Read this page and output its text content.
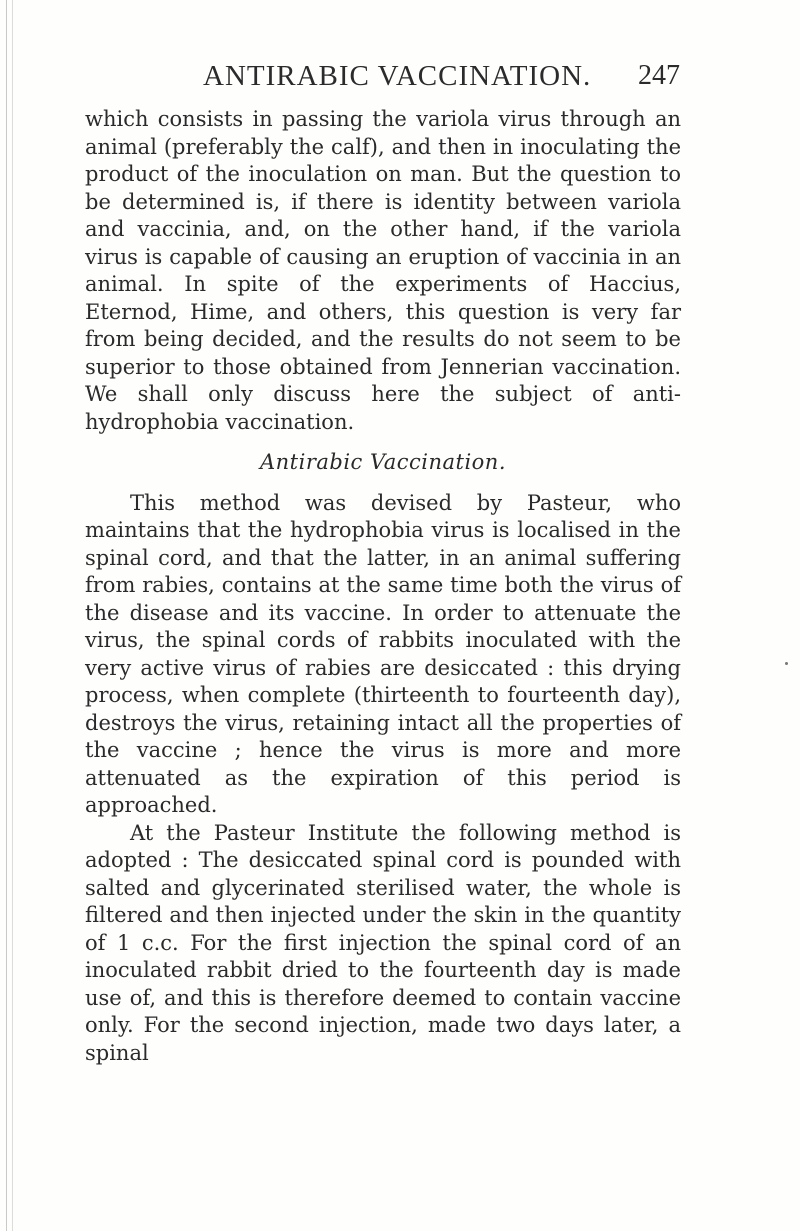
ANTIRABIC VACCINATION. 247

which consists in passing the variola virus through an animal (preferably the calf), and then in inoculating the product of the inoculation on man. But the question to be determined is, if there is identity between variola and vaccinia, and, on the other hand, if the variola virus is capable of causing an eruption of vaccinia in an animal. In spite of the experiments of Haccius, Eternod, Hime, and others, this question is very far from being decided, and the results do not seem to be superior to those obtained from Jennerian vaccination. We shall only discuss here the subject of anti-hydrophobia vaccination.

Antirabic Vaccination.

This method was devised by Pasteur, who maintains that the hydrophobia virus is localised in the spinal cord, and that the latter, in an animal suffering from rabies, contains at the same time both the virus of the disease and its vaccine. In order to attenuate the virus, the spinal cords of rabbits inoculated with the very active virus of rabies are desiccated : this drying process, when complete (thirteenth to fourteenth day), destroys the virus, retaining intact all the properties of the vaccine ; hence the virus is more and more attenuated as the expiration of this period is approached.

At the Pasteur Institute the following method is adopted : The desiccated spinal cord is pounded with salted and glycerinated sterilised water, the whole is filtered and then injected under the skin in the quantity of 1 c.c. For the first injection the spinal cord of an inoculated rabbit dried to the fourteenth day is made use of, and this is therefore deemed to contain vaccine only. For the second injection, made two days later, a spinal
